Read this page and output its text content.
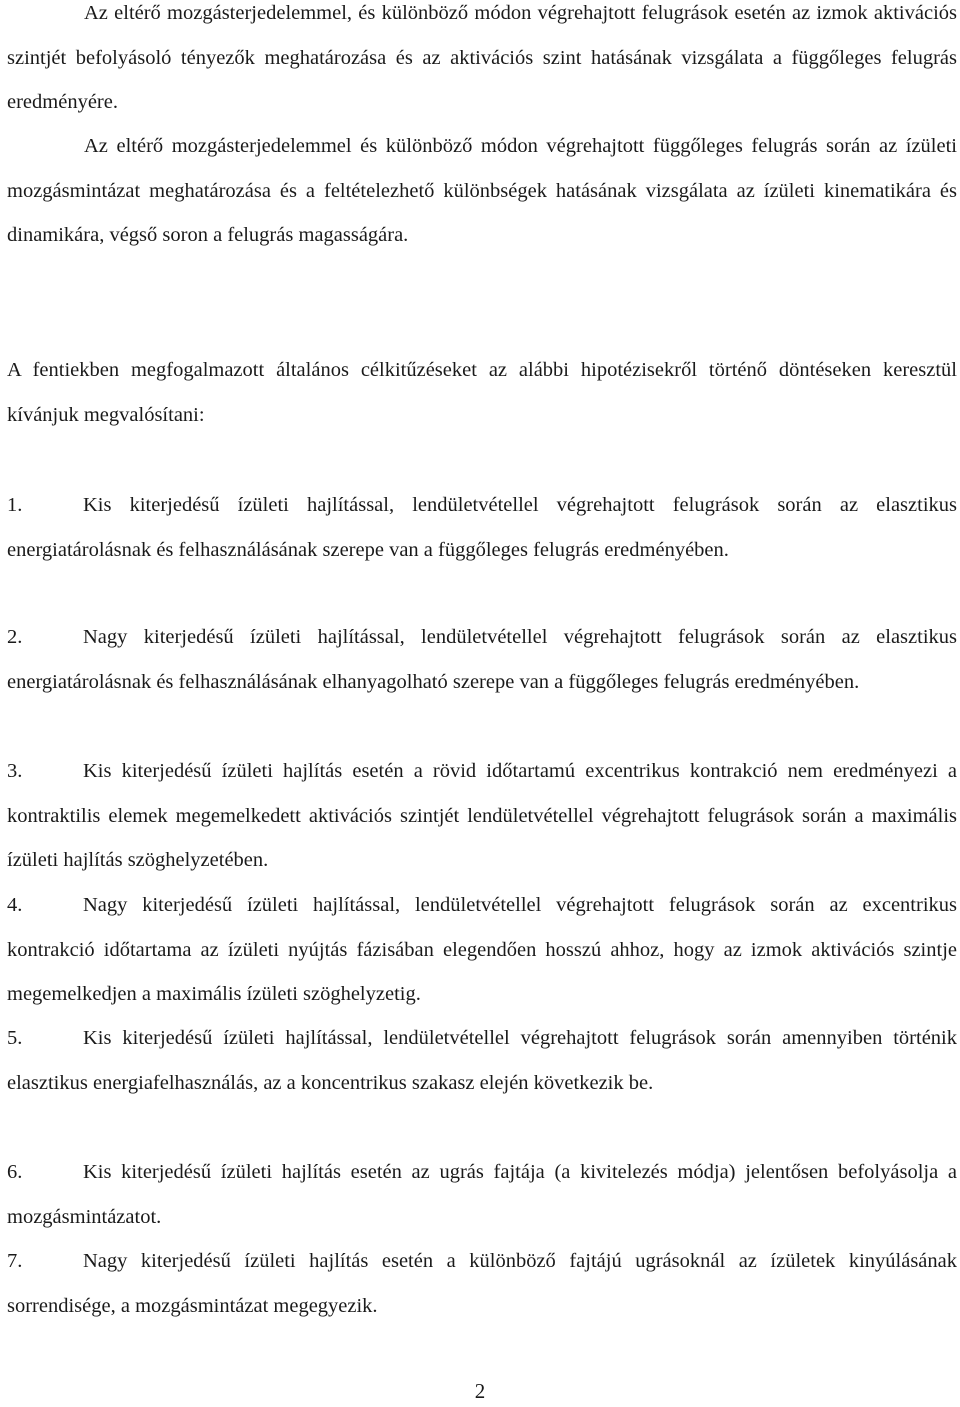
Az eltérő mozgásterjedelemmel, és különböző módon végrehajtott felugrások esetén az izmok aktivációs szintjét befolyásoló tényezők meghatározása és az aktivációs szint hatásának vizsgálata a függőleges felugrás eredményére.

Az eltérő mozgásterjedelemmel és különböző módon végrehajtott függőleges felugrás során az ízületi mozgásmintázat meghatározása és a feltételezhető különbségek hatásának vizsgálata az ízületi kinematikára és dinamikára, végső soron a felugrás magasságára.

A fentiekben megfogalmazott általános célkitűzéseket az alábbi hipotézisekről történő döntéseken keresztül kívánjuk megvalósítani:

1.	Kis kiterjedésű ízületi hajlítással, lendületvétellel végrehajtott felugrások során az elasztikus energiatárolásnak és felhasználásának szerepe van a függőleges felugrás eredményében.

2.	Nagy kiterjedésű ízületi hajlítással, lendületvétellel végrehajtott felugrások során az elasztikus energiatárolásnak és felhasználásának elhanyagolható szerepe van a függőleges felugrás eredményében.

3.	Kis kiterjedésű ízületi hajlítás esetén a rövid időtartamú excentrikus kontrakció nem eredményezi a kontraktilis elemek megemelkedett aktivációs szintjét lendületvétellel végrehajtott felugrások során a maximális ízületi hajlítás szöghelyzetében.

4.	Nagy kiterjedésű ízületi hajlítással, lendületvétellel végrehajtott felugrások során az excentrikus kontrakció időtartama az ízületi nyújtás fázisában elegendően hosszú ahhoz, hogy az izmok aktivációs szintje megemelkedjen a maximális ízületi szöghelyzetig.

5.	Kis kiterjedésű ízületi hajlítással, lendületvétellel végrehajtott felugrások során amennyiben történik elasztikus energiafelhasználás, az a koncentrikus szakasz elején következik be.

6.	Kis kiterjedésű ízületi hajlítás esetén az ugrás fajtája (a kivitelezés módja) jelentősen befolyásolja a mozgásmintázatot.

7.	Nagy kiterjedésű ízületi hajlítás esetén a különböző fajtájú ugrásoknál az ízületek kinyúlásának sorrendisége, a mozgásmintázat megegyezik.

2
